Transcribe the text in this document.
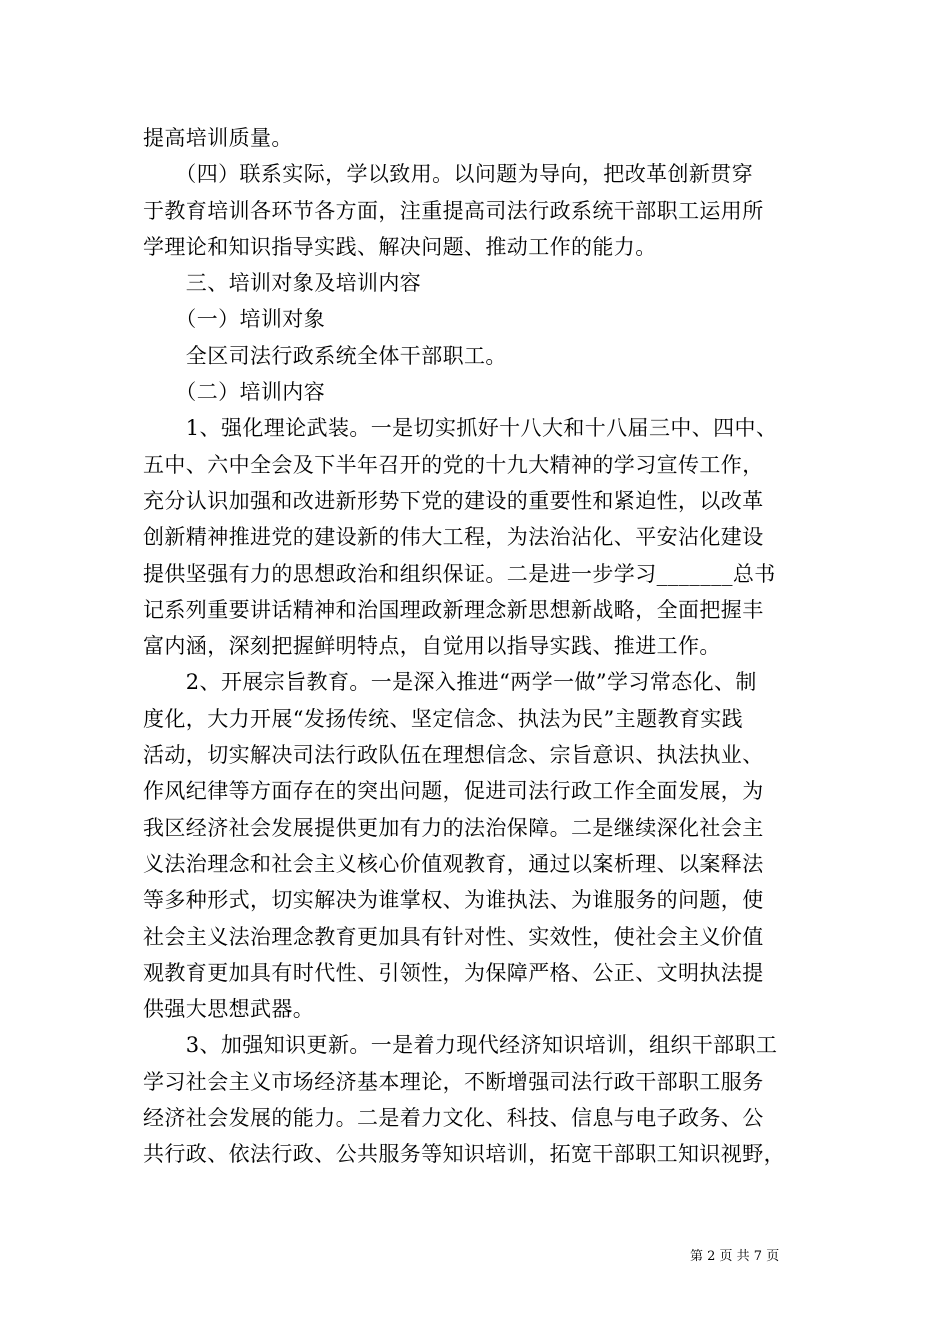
提高培训质量。
　　（四）联系实际，学以致用。以问题为导向，把改革创新贯穿
于教育培训各环节各方面，注重提高司法行政系统干部职工运用所
学理论和知识指导实践、解决问题、推动工作的能力。
　　三、培训对象及培训内容
　　（一）培训对象
　　全区司法行政系统全体干部职工。
　　（二）培训内容
　　1、强化理论武装。一是切实抓好十八大和十八届三中、四中、
五中、六中全会及下半年召开的党的十九大精神的学习宣传工作，
充分认识加强和改进新形势下党的建设的重要性和紧迫性，以改革
创新精神推进党的建设新的伟大工程，为法治沾化、平安沾化建设
提供坚强有力的思想政治和组织保证。二是进一步学习_______总书
记系列重要讲话精神和治国理政新理念新思想新战略，全面把握丰
富内涵，深刻把握鲜明特点，自觉用以指导实践、推进工作。
　　2、开展宗旨教育。一是深入推进“两学一做”学习常态化、制
度化，大力开展“发扬传统、坚定信念、执法为民”主题教育实践
活动，切实解决司法行政队伍在理想信念、宗旨意识、执法执业、
作风纪律等方面存在的突出问题，促进司法行政工作全面发展，为
我区经济社会发展提供更加有力的法治保障。二是继续深化社会主
义法治理念和社会主义核心价值观教育，通过以案析理、以案释法
等多种形式，切实解决为谁掌权、为谁执法、为谁服务的问题，使
社会主义法治理念教育更加具有针对性、实效性，使社会主义价值
观教育更加具有时代性、引领性，为保障严格、公正、文明执法提
供强大思想武器。
　　3、加强知识更新。一是着力现代经济知识培训，组织干部职工
学习社会主义市场经济基本理论，不断增强司法行政干部职工服务
经济社会发展的能力。二是着力文化、科技、信息与电子政务、公
共行政、依法行政、公共服务等知识培训，拓宽干部职工知识视野，
第 2 页 共 7 页
